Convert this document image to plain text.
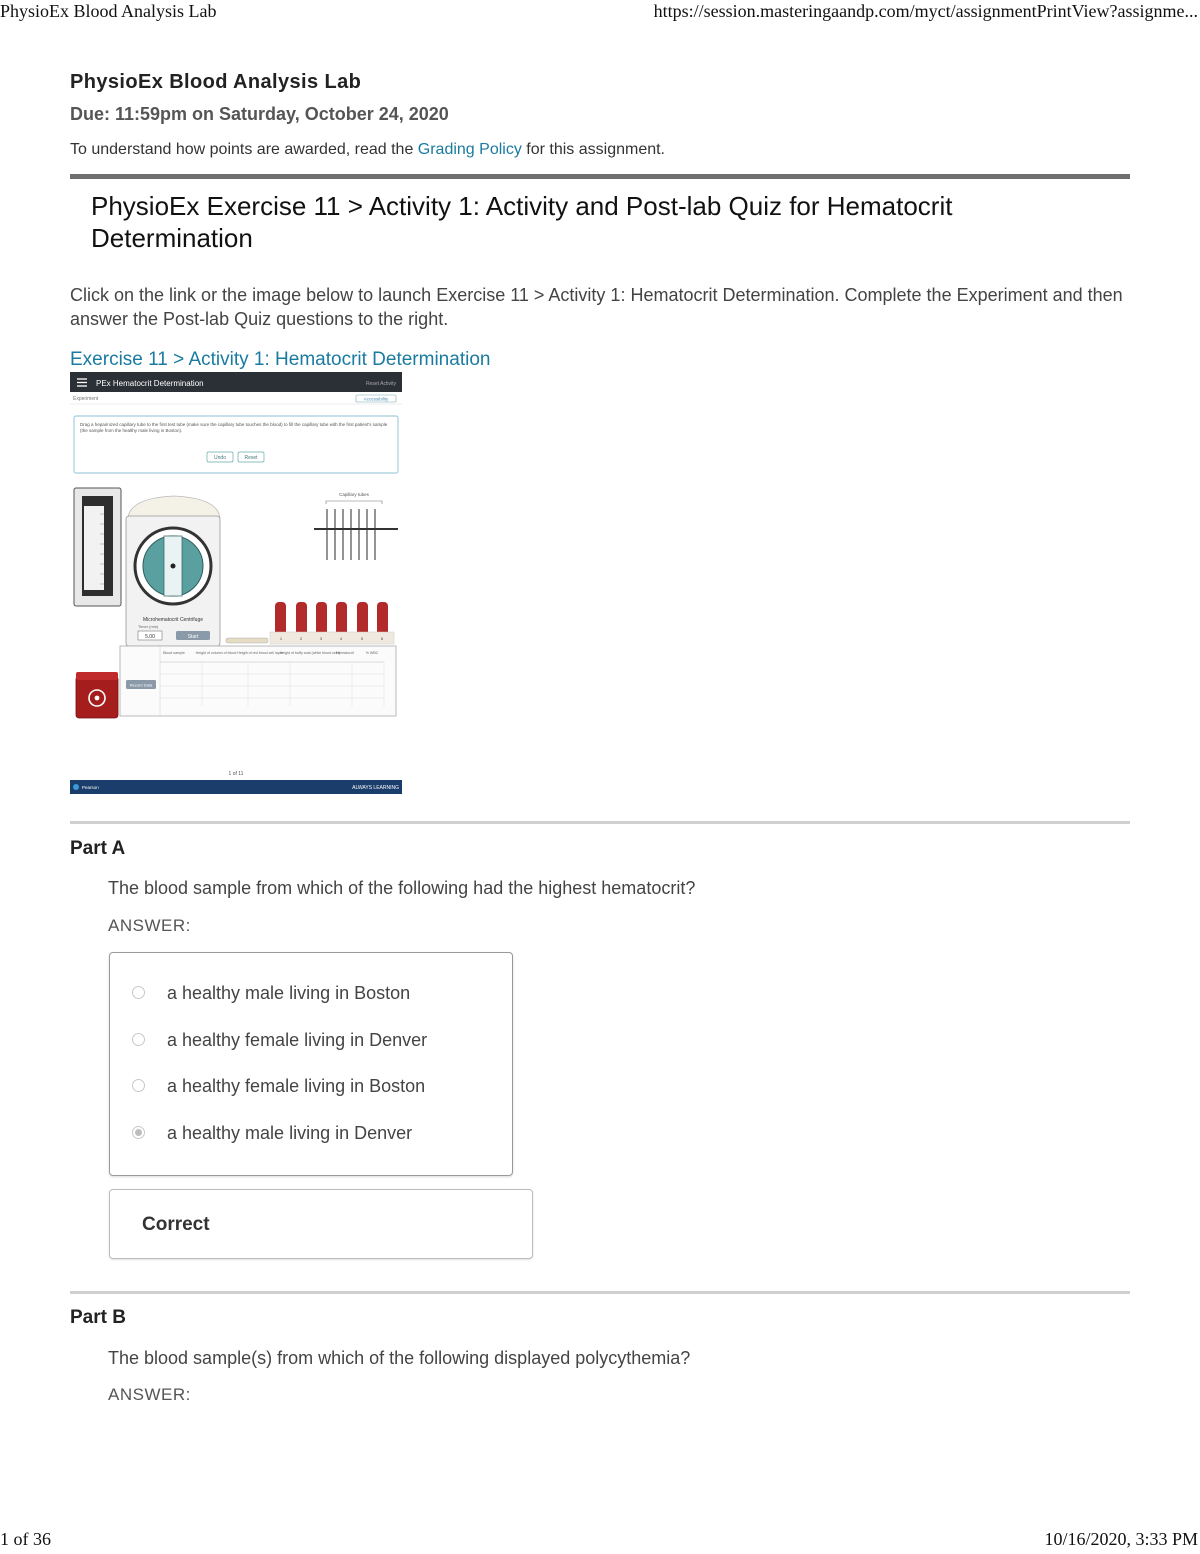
PhysioEx Blood Analysis Lab	https://session.masteringaandp.com/myct/assignmentPrintView?assignme...
PhysioEx Blood Analysis Lab

Due: 11:59pm on Saturday, October 24, 2020

To understand how points are awarded, read the Grading Policy for this assignment.

PhysioEx Exercise 11 > Activity 1: Activity and Post-lab Quiz for Hematocrit Determination

Click on the link or the image below to launch Exercise 11 > Activity 1: Hematocrit Determination. Complete the Experiment and then answer the Post-lab Quiz questions to the right.

Exercise 11 > Activity 1: Hematocrit Determination
PEx Hematocrit Determination	Reset Activity
Experiment	Accessibility
Drag a heparinized capillary tube to the first test tube (make sure the capillary tube touches the blood) to fill the capillary tube with the first patient's sample (the sample from the healthy male living in Boston).
Undo	Reset
Microhematocrit Centrifuge
Timer (min)
5.00	Start
Capillary tubes
1	2	3	4	5	6
Blood sample	Height of column of blood Height of red blood cell layer
Height of buffy coat (white blood cells)
Hematocrit	% WBC
Record Data
1 of 11
Pearson	ALWAYS LEARNING
Part A

The blood sample from which of the following had the highest hematocrit?

ANSWER:

a healthy male living in Boston
a healthy female living in Denver
a healthy female living in Boston
a healthy male living in Denver
Correct
Part B

The blood sample(s) from which of the following displayed polycythemia?

ANSWER:

1 of 36	10/16/2020, 3:33 PM
